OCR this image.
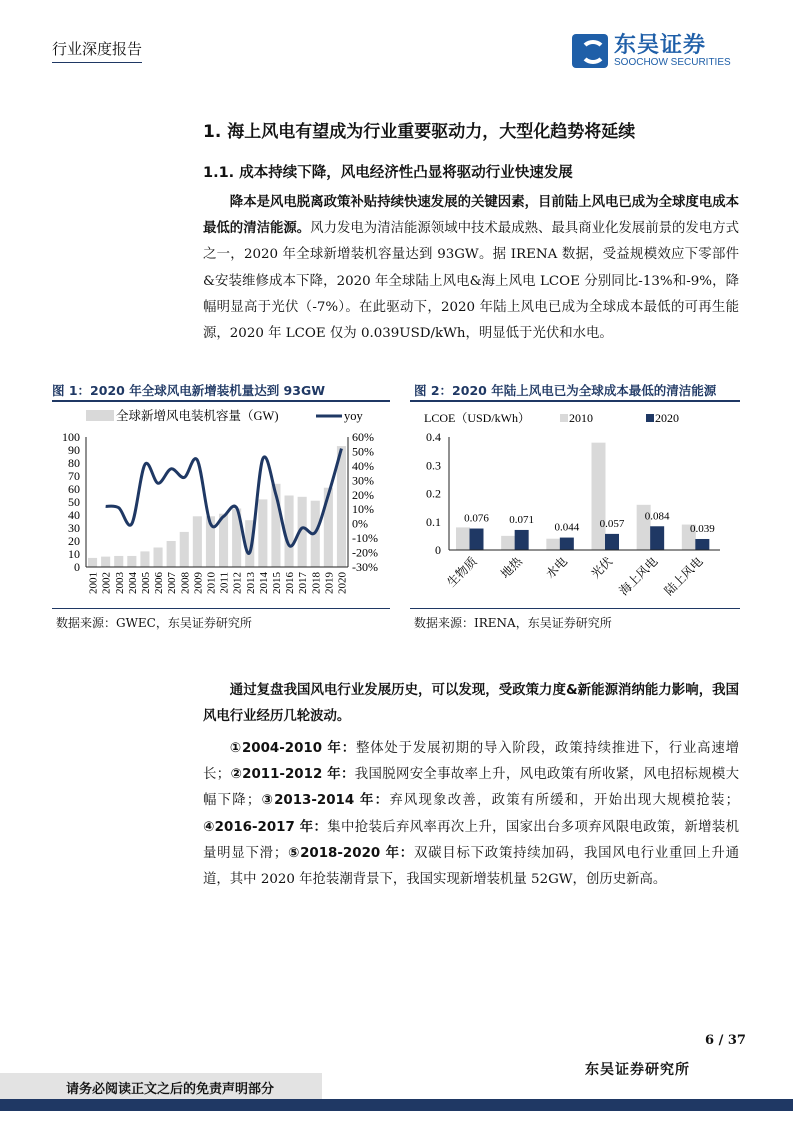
行业深度报告	东吴证券
SOOCHOW SECURITIES
1. 海上风电有望成为行业重要驱动力，大型化趋势将延续
1.1. 成本持续下降，风电经济性凸显将驱动行业快速发展
降本是风电脱离政策补贴持续快速发展的关键因素，目前陆上风电已成为全球度电成本最低的清洁能源。风力发电为清洁能源领域中技术最成熟、最具商业化发展前景的发电方式之一，2020 年全球新增装机容量达到 93GW。据 IRENA 数据，受益规模效应下零部件&安装维修成本下降，2020 年全球陆上风电&海上风电 LCOE 分别同比-13%和-9%，降幅明显高于光伏（-7%）。在此驱动下，2020 年陆上风电已成为全球成本最低的可再生能源，2020 年 LCOE 仅为 0.039USD/kWh，明显低于光伏和水电。
图 1：2020 年全球风电新增装机量达到 93GW	图 2：2020 年陆上风电已为全球成本最低的清洁能源
0
10
20
30
40
50
60
70
80
90
100
-30%
-20%
-10%
0%
10%
20%
30%
40%
50%
60%
2001 2002 2003 2004 2005 2006 2007 2008 2009 2010 2011 2012 2013 2014 2015 2016 2017 2018 2019 2020
全球新增风电装机容量（GW)	yoy
0.076 0.071
0.044 0.057
0.084
0.039
0
0.1
0.2
0.3
0.4
生物质 地热 水电 光伏 海上风电 陆上风电
LCOE（USD/kWh）	2010	2020
数据来源：GWEC，东吴证券研究所	数据来源：IRENA，东吴证券研究所
通过复盘我国风电行业发展历史，可以发现，受政策力度&新能源消纳能力影响，我国风电行业经历几轮波动。
①2004-2010 年：整体处于发展初期的导入阶段，政策持续推进下，行业高速增长；②2011-2012 年：我国脱网安全事故率上升，风电政策有所收紧，风电招标规模大幅下降；③2013-2014 年：弃风现象改善，政策有所缓和，开始出现大规模抢装；④2016-2017 年：集中抢装后弃风率再次上升，国家出台多项弃风限电政策，新增装机量明显下滑；⑤2018-2020 年：双碳目标下政策持续加码，我国风电行业重回上升通道，其中 2020 年抢装潮背景下，我国实现新增装机量 52GW，创历史新高。
6 / 37
东吴证券研究所
请务必阅读正文之后的免责声明部分
